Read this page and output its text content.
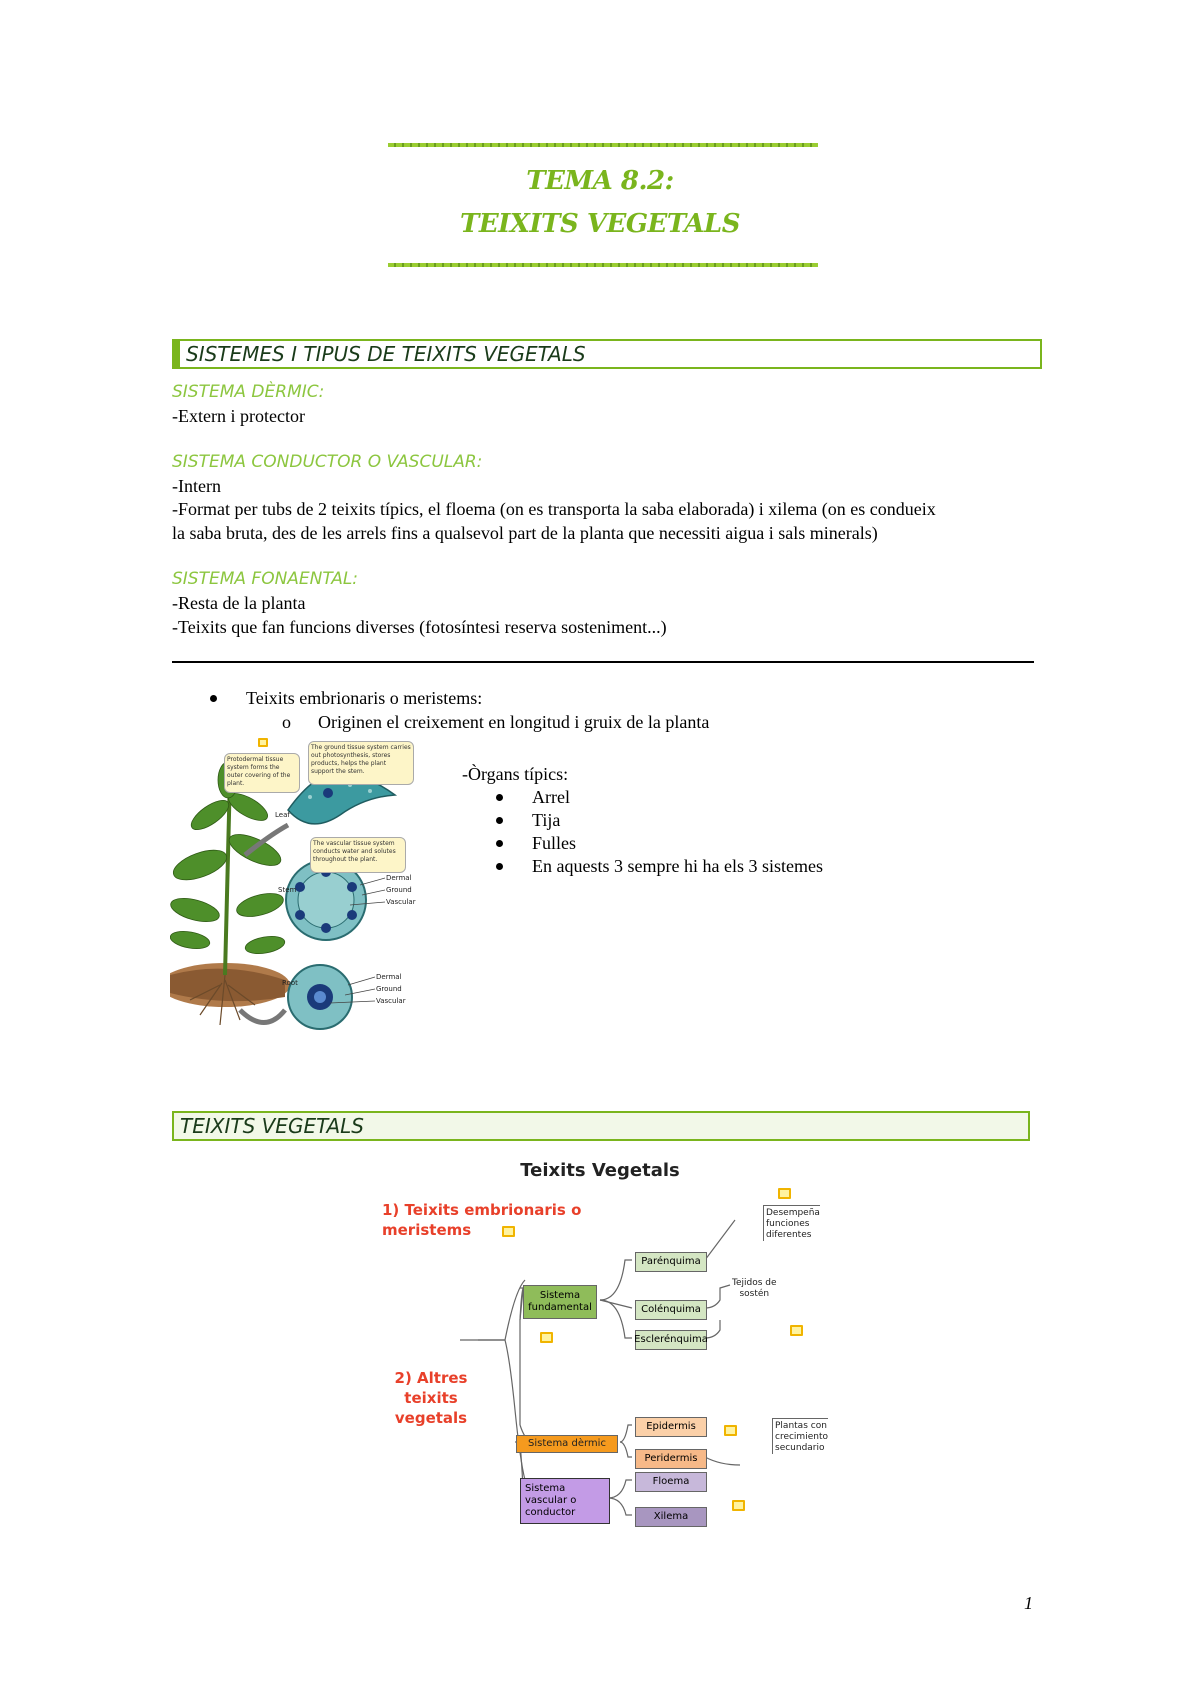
TEMA 8.2:
TEIXITS VEGETALS
SISTEMES I TIPUS DE TEIXITS VEGETALS
SISTEMA DÈRMIC:
-Extern i protector
SISTEMA CONDUCTOR O VASCULAR:
-Intern
-Format per tubs de 2 teixits típics, el floema (on es transporta la saba elaborada) i xilema (on es condueix
la saba bruta, des de les arrels fins a qualsevol part de la planta que necessiti aigua i sals minerals)
SISTEMA FONAENTAL:
-Resta de la planta
-Teixits que fan funcions diverses (fotosíntesi reserva sosteniment...)
Teixits embrionaris o meristems:
o Originen el creixement en longitud i gruix de la planta
Protodermal tissue system forms the outer covering of the plant.
The ground tissue system carries out photosynthesis, stores products, helps the plant support the stem.
The vascular tissue system conducts water and solutes throughout the plant.
Leaf
Stem
Root
Dermal
Ground
Vascular
Dermal
Ground
Vascular
-Òrgans típics:
Arrel
Tija
Fulles
En aquests 3 sempre hi ha els 3 sistemes
TEIXITS VEGETALS
Teixits Vegetals
1) Teixits embrionaris o
meristems
2) Altres
teixits
vegetals
Sistema
fundamental
Sistema dèrmic
Sistema
vascular o
conductor
Parénquima
Colénquima
Esclerénquima
Epidermis
Peridermis
Floema
Xilema
Desempeña
funciones
diferentes
Tejidos de
sostén
Plantas con
crecimiento
secundario
1
